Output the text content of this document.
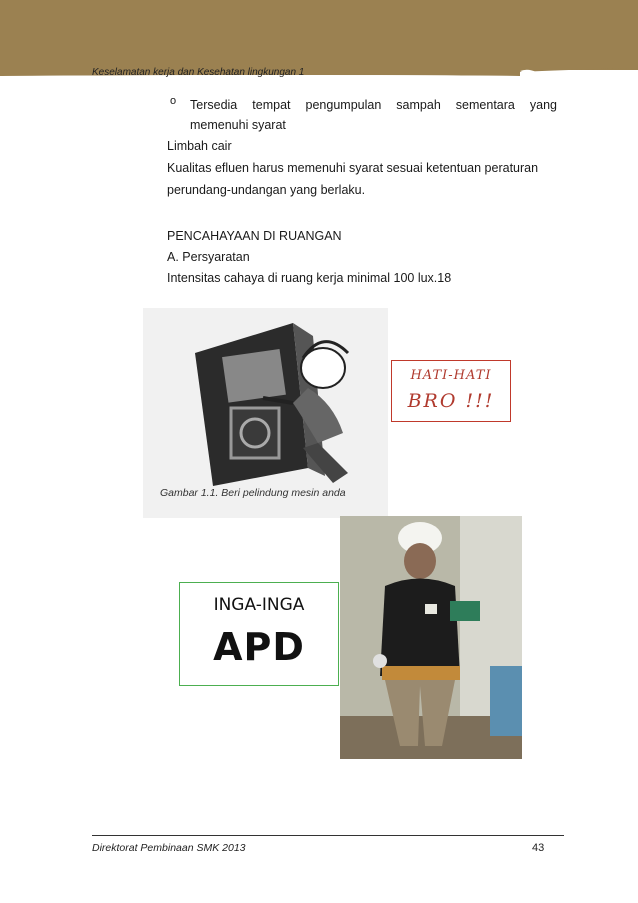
Keselamatan kerja dan Kesehatan lingkungan 1
o Tersedia tempat pengumpulan sampah sementara yang
memenuhi syarat
Limbah cair
Kualitas efluen harus memenuhi syarat sesuai ketentuan peraturan
perundang-undangan yang berlaku.
PENCAHAYAAN DI RUANGAN
A. Persyaratan
Intensitas cahaya di ruang kerja minimal 100 lux.18
Gambar 1.1. Beri pelindung mesin anda
HATI-HATI
BRO !!!
INGA-INGA
APD
Direktorat Pembinaan SMK 2013	43
